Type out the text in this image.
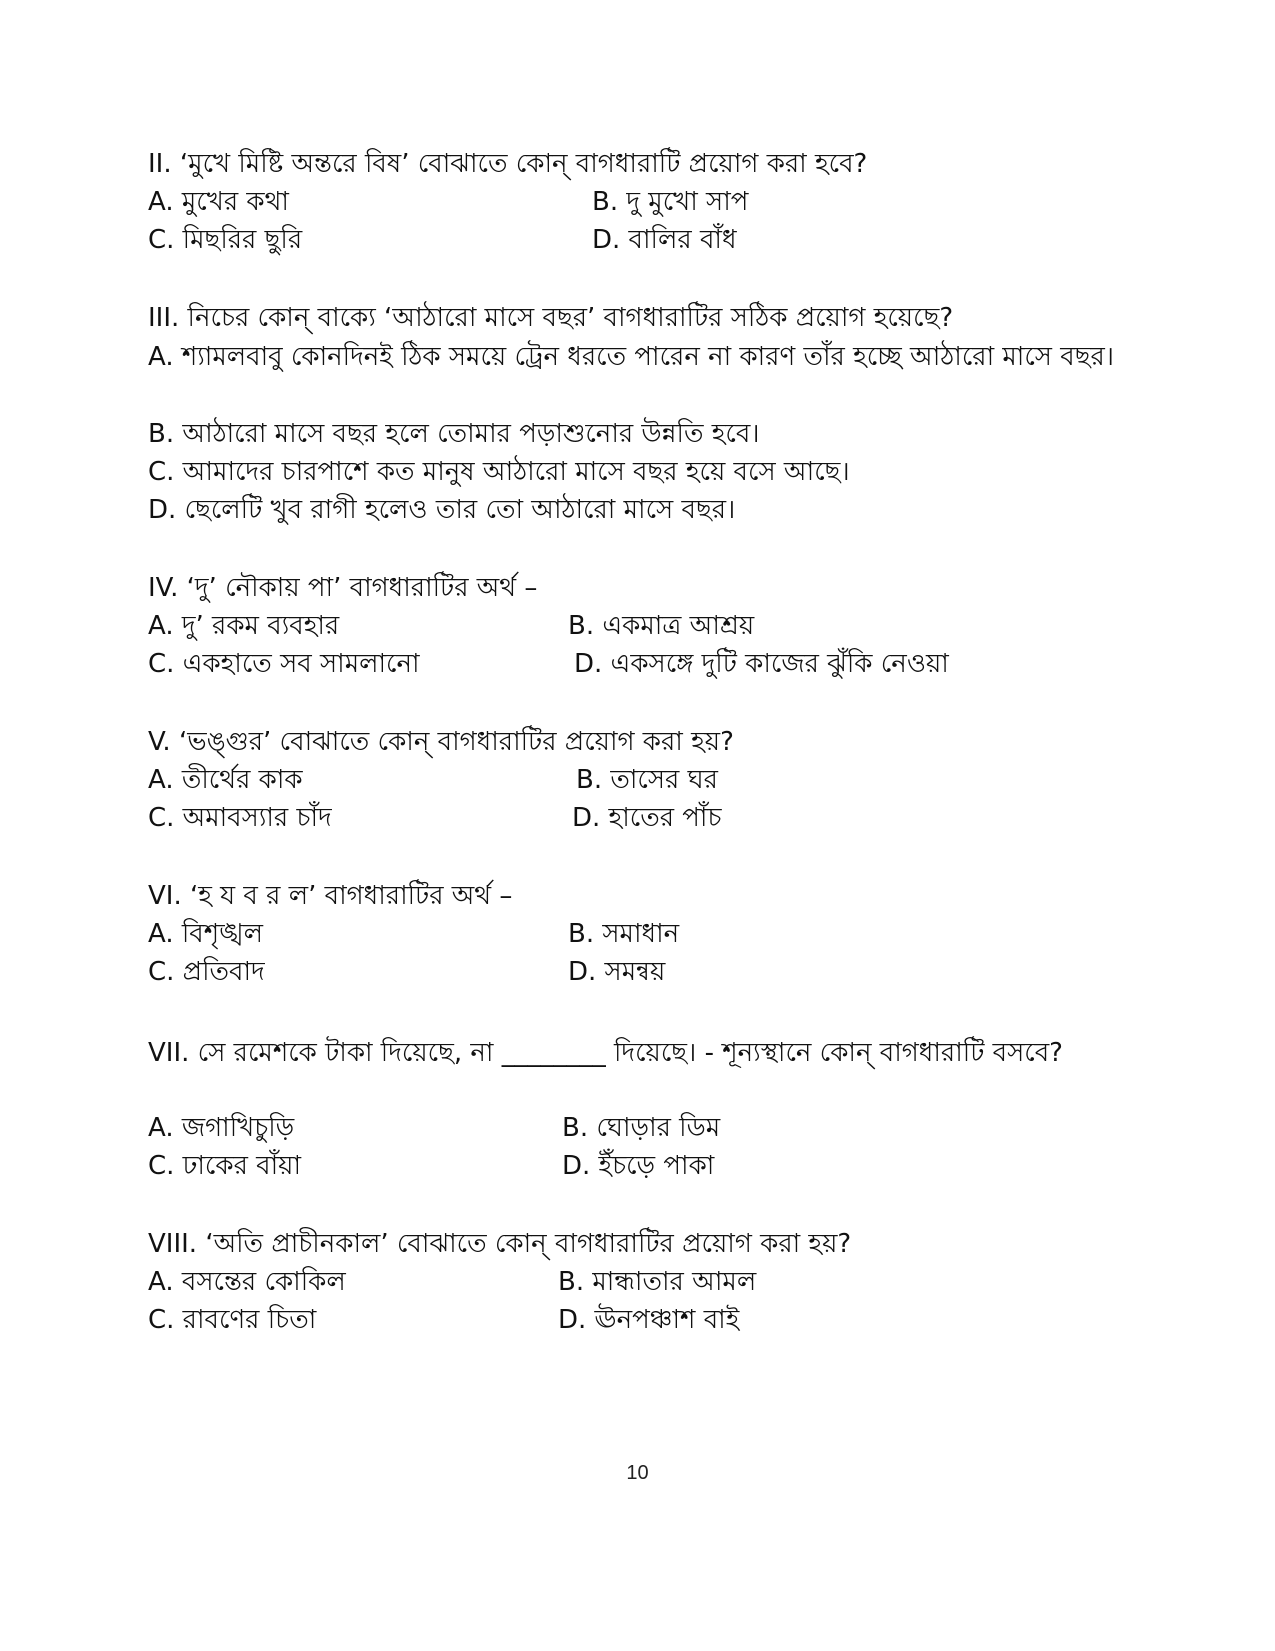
II. ‘মুখে মিষ্টি অন্তরে বিষ’ বোঝাতে কোন্ বাগধারাটি প্রয়োগ করা হবে?
A. মুখের কথা	B. দু মুখো সাপ
C. মিছরির ছুরি	D. বালির বাঁধ
III. নিচের কোন্ বাক্যে ‘আঠারো মাসে বছর’ বাগধারাটির সঠিক প্রয়োগ হয়েছে?
A. শ্যামলবাবু কোনদিনই ঠিক সময়ে ট্রেন ধরতে পারেন না কারণ তাঁর হচ্ছে আঠারো মাসে বছর।
B. আঠারো মাসে বছর হলে তোমার পড়াশুনোর উন্নতি হবে।
C. আমাদের চারপাশে কত মানুষ আঠারো মাসে বছর হয়ে বসে আছে।
D. ছেলেটি খুব রাগী হলেও তার তো আঠারো মাসে বছর।
IV. ‘দু’ নৌকায় পা’ বাগধারাটির অর্থ –
A. দু’ রকম ব্যবহার	B. একমাত্র আশ্রয়
C. একহাতে সব সামলানো	D. একসঙ্গে দুটি কাজের ঝুঁকি নেওয়া
V. ‘ভঙ্গুর’ বোঝাতে কোন্ বাগধারাটির প্রয়োগ করা হয়?
A. তীর্থের কাক	B. তাসের ঘর
C. অমাবস্যার চাঁদ	D. হাতের পাঁচ
VI. ‘হ য ব র ল’ বাগধারাটির অর্থ –
A. বিশৃঙ্খল	B. সমাধান
C. প্রতিবাদ	D. সমন্বয়
VII. সে রমেশকে টাকা দিয়েছে, না ________ দিয়েছে। - শূন্যস্থানে কোন্ বাগধারাটি বসবে?
A. জগাখিচুড়ি	B. ঘোড়ার ডিম
C. ঢাকের বাঁয়া	D. ইঁচড়ে পাকা
VIII. ‘অতি প্রাচীনকাল’ বোঝাতে কোন্ বাগধারাটির প্রয়োগ করা হয়?
A. বসন্তের কোকিল	B. মান্ধাতার আমল
C. রাবণের চিতা	D. ঊনপঞ্চাশ বাই
10
